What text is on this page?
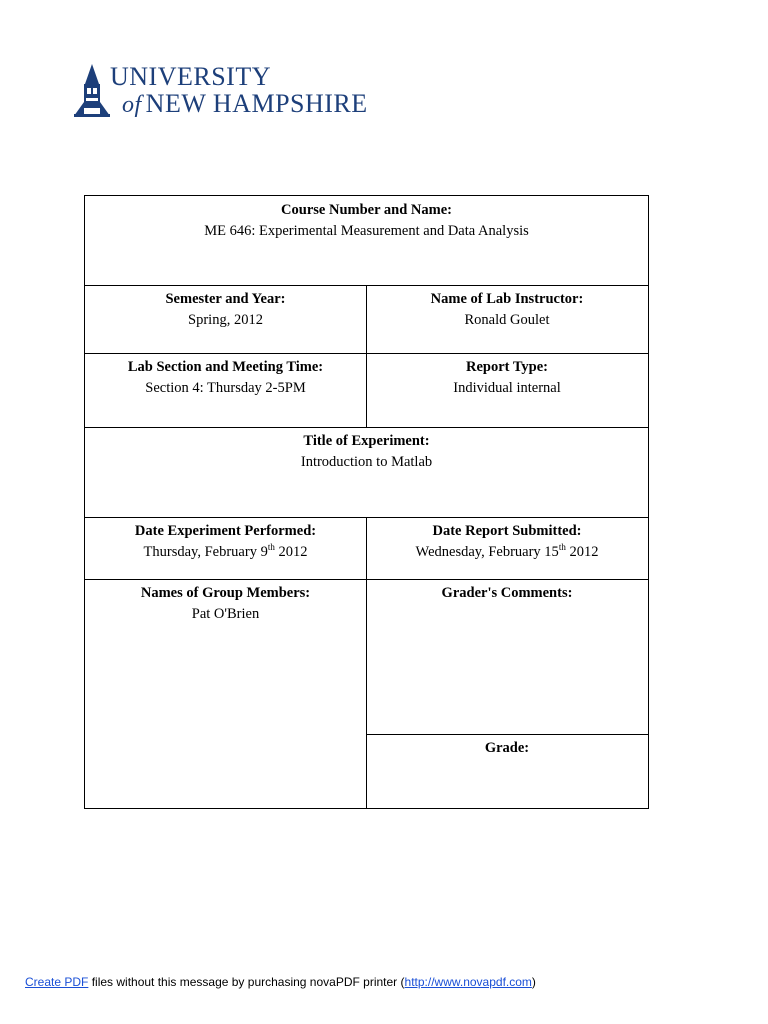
UNIVERSITY
of NEW HAMPSHIRE
Course Number and Name:
ME 646: Experimental Measurement and Data Analysis
Semester and Year:
Spring, 2012
Name of Lab Instructor:
Ronald Goulet
Lab Section and Meeting Time:
Section 4: Thursday 2-5PM
Report Type:
Individual internal
Title of Experiment:
Introduction to Matlab
Date Experiment Performed:
Thursday, February 9th 2012
Date Report Submitted:
Wednesday, February 15th 2012
Names of Group Members:
Pat O'Brien
Grader's Comments:
Grade:
Create PDF files without this message by purchasing novaPDF printer (http://www.novapdf.com)
